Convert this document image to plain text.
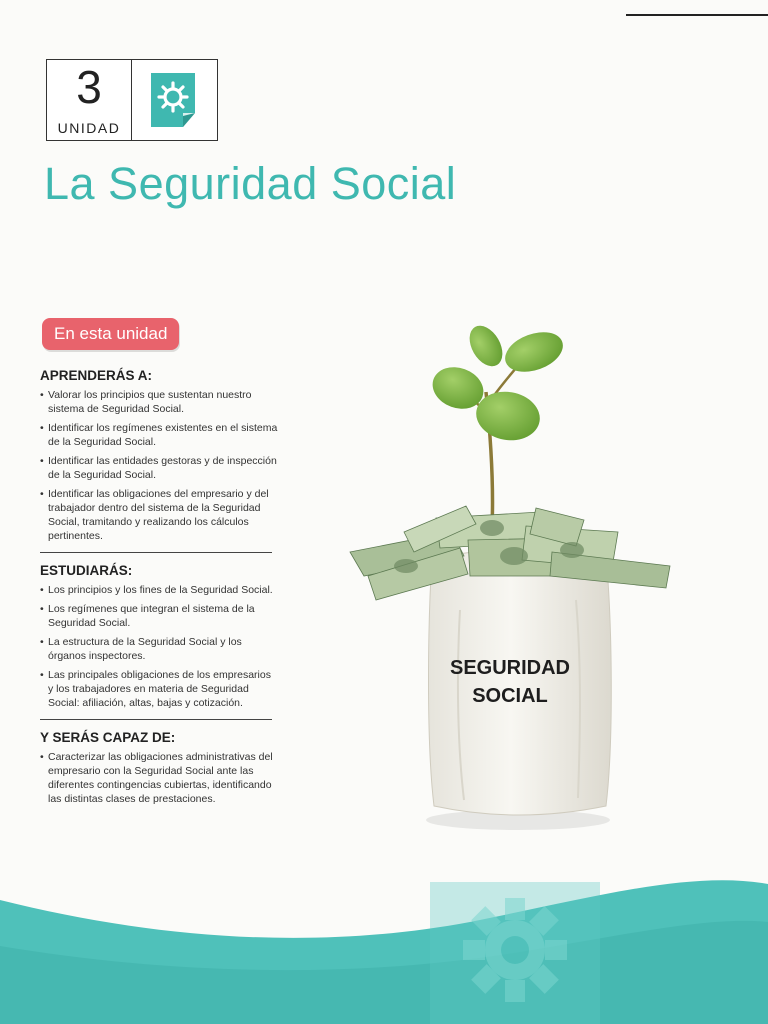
3
UNIDAD
La Seguridad Social
En esta unidad
APRENDERÁS A:
• Valorar los principios que sustentan nuestro sistema de Seguridad Social.
• Identificar los regímenes existentes en el sistema de la Seguridad Social.
• Identificar las entidades gestoras y de inspección de la Seguridad Social.
• Identificar las obligaciones del empresario y del trabajador dentro del sistema de la Seguridad Social, tramitando y realizando los cálculos pertinentes.
ESTUDIARÁS:
• Los principios y los fines de la Seguridad Social.
• Los regímenes que integran el sistema de la Seguridad Social.
• La estructura de la Seguridad Social y los órganos inspectores.
• Las principales obligaciones de los empresarios y los trabajadores en materia de Seguridad Social: afiliación, altas, bajas y cotización.
Y SERÁS CAPAZ DE:
• Caracterizar las obligaciones administrativas del empresario con la Seguridad Social ante las diferentes contingencias cubiertas, identificando las distintas clases de prestaciones.
SEGURIDAD
SOCIAL
